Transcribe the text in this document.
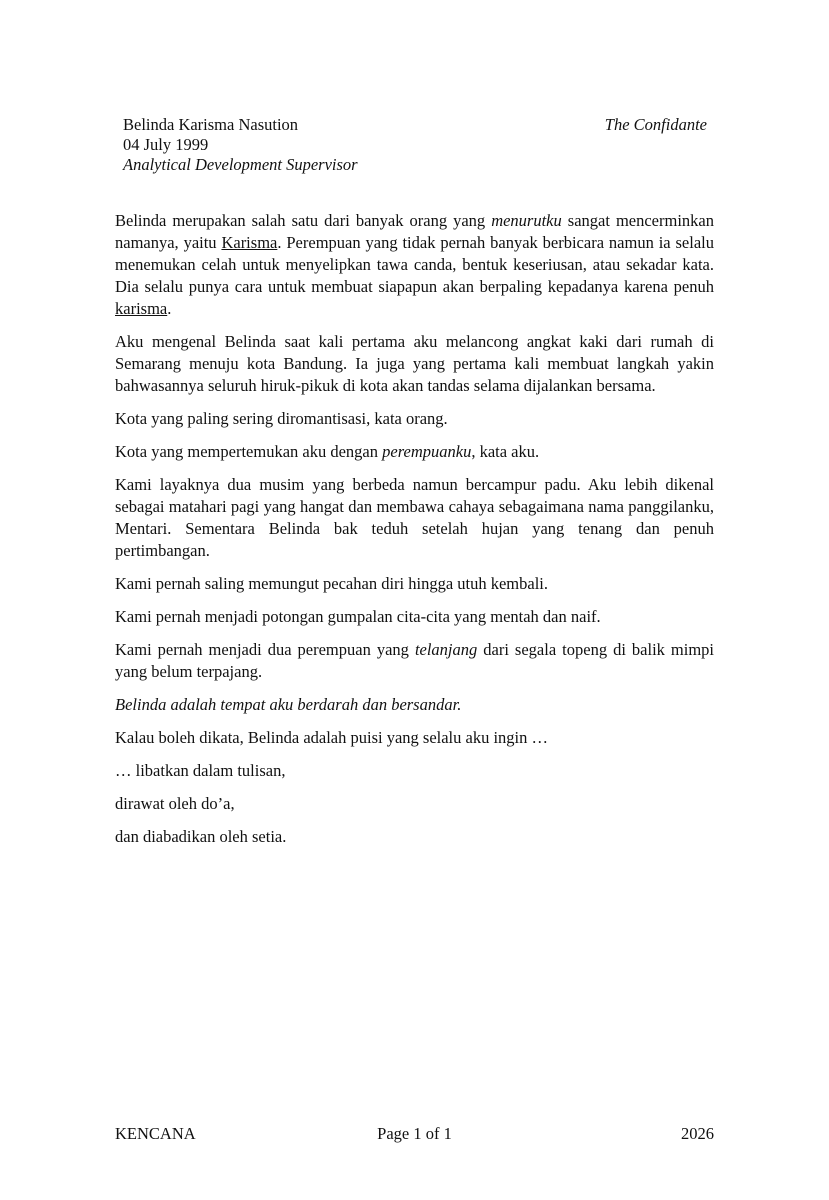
Belinda Karisma Nasution
04 July 1999
Analytical Development Supervisor
The Confidante

Belinda merupakan salah satu dari banyak orang yang menurutku sangat mencerminkan namanya, yaitu Karisma. Perempuan yang tidak pernah banyak berbicara namun ia selalu menemukan celah untuk menyelipkan tawa canda, bentuk keseriusan, atau sekadar kata. Dia selalu punya cara untuk membuat siapapun akan berpaling kepadanya karena penuh karisma.

Aku mengenal Belinda saat kali pertama aku melancong angkat kaki dari rumah di Semarang menuju kota Bandung. Ia juga yang pertama kali membuat langkah yakin bahwasannya seluruh hiruk-pikuk di kota akan tandas selama dijalankan bersama.

Kota yang paling sering diromantisasi, kata orang.

Kota yang mempertemukan aku dengan perempuanku, kata aku.

Kami layaknya dua musim yang berbeda namun bercampur padu. Aku lebih dikenal sebagai matahari pagi yang hangat dan membawa cahaya sebagaimana nama panggilanku, Mentari. Sementara Belinda bak teduh setelah hujan yang tenang dan penuh pertimbangan.

Kami pernah saling memungut pecahan diri hingga utuh kembali.

Kami pernah menjadi potongan gumpalan cita-cita yang mentah dan naif.

Kami pernah menjadi dua perempuan yang telanjang dari segala topeng di balik mimpi yang belum terpajang.

Belinda adalah tempat aku berdarah dan bersandar.

Kalau boleh dikata, Belinda adalah puisi yang selalu aku ingin …

… libatkan dalam tulisan,

dirawat oleh do’a,

dan diabadikan oleh setia.

KENCANA	Page 1 of 1	2026
